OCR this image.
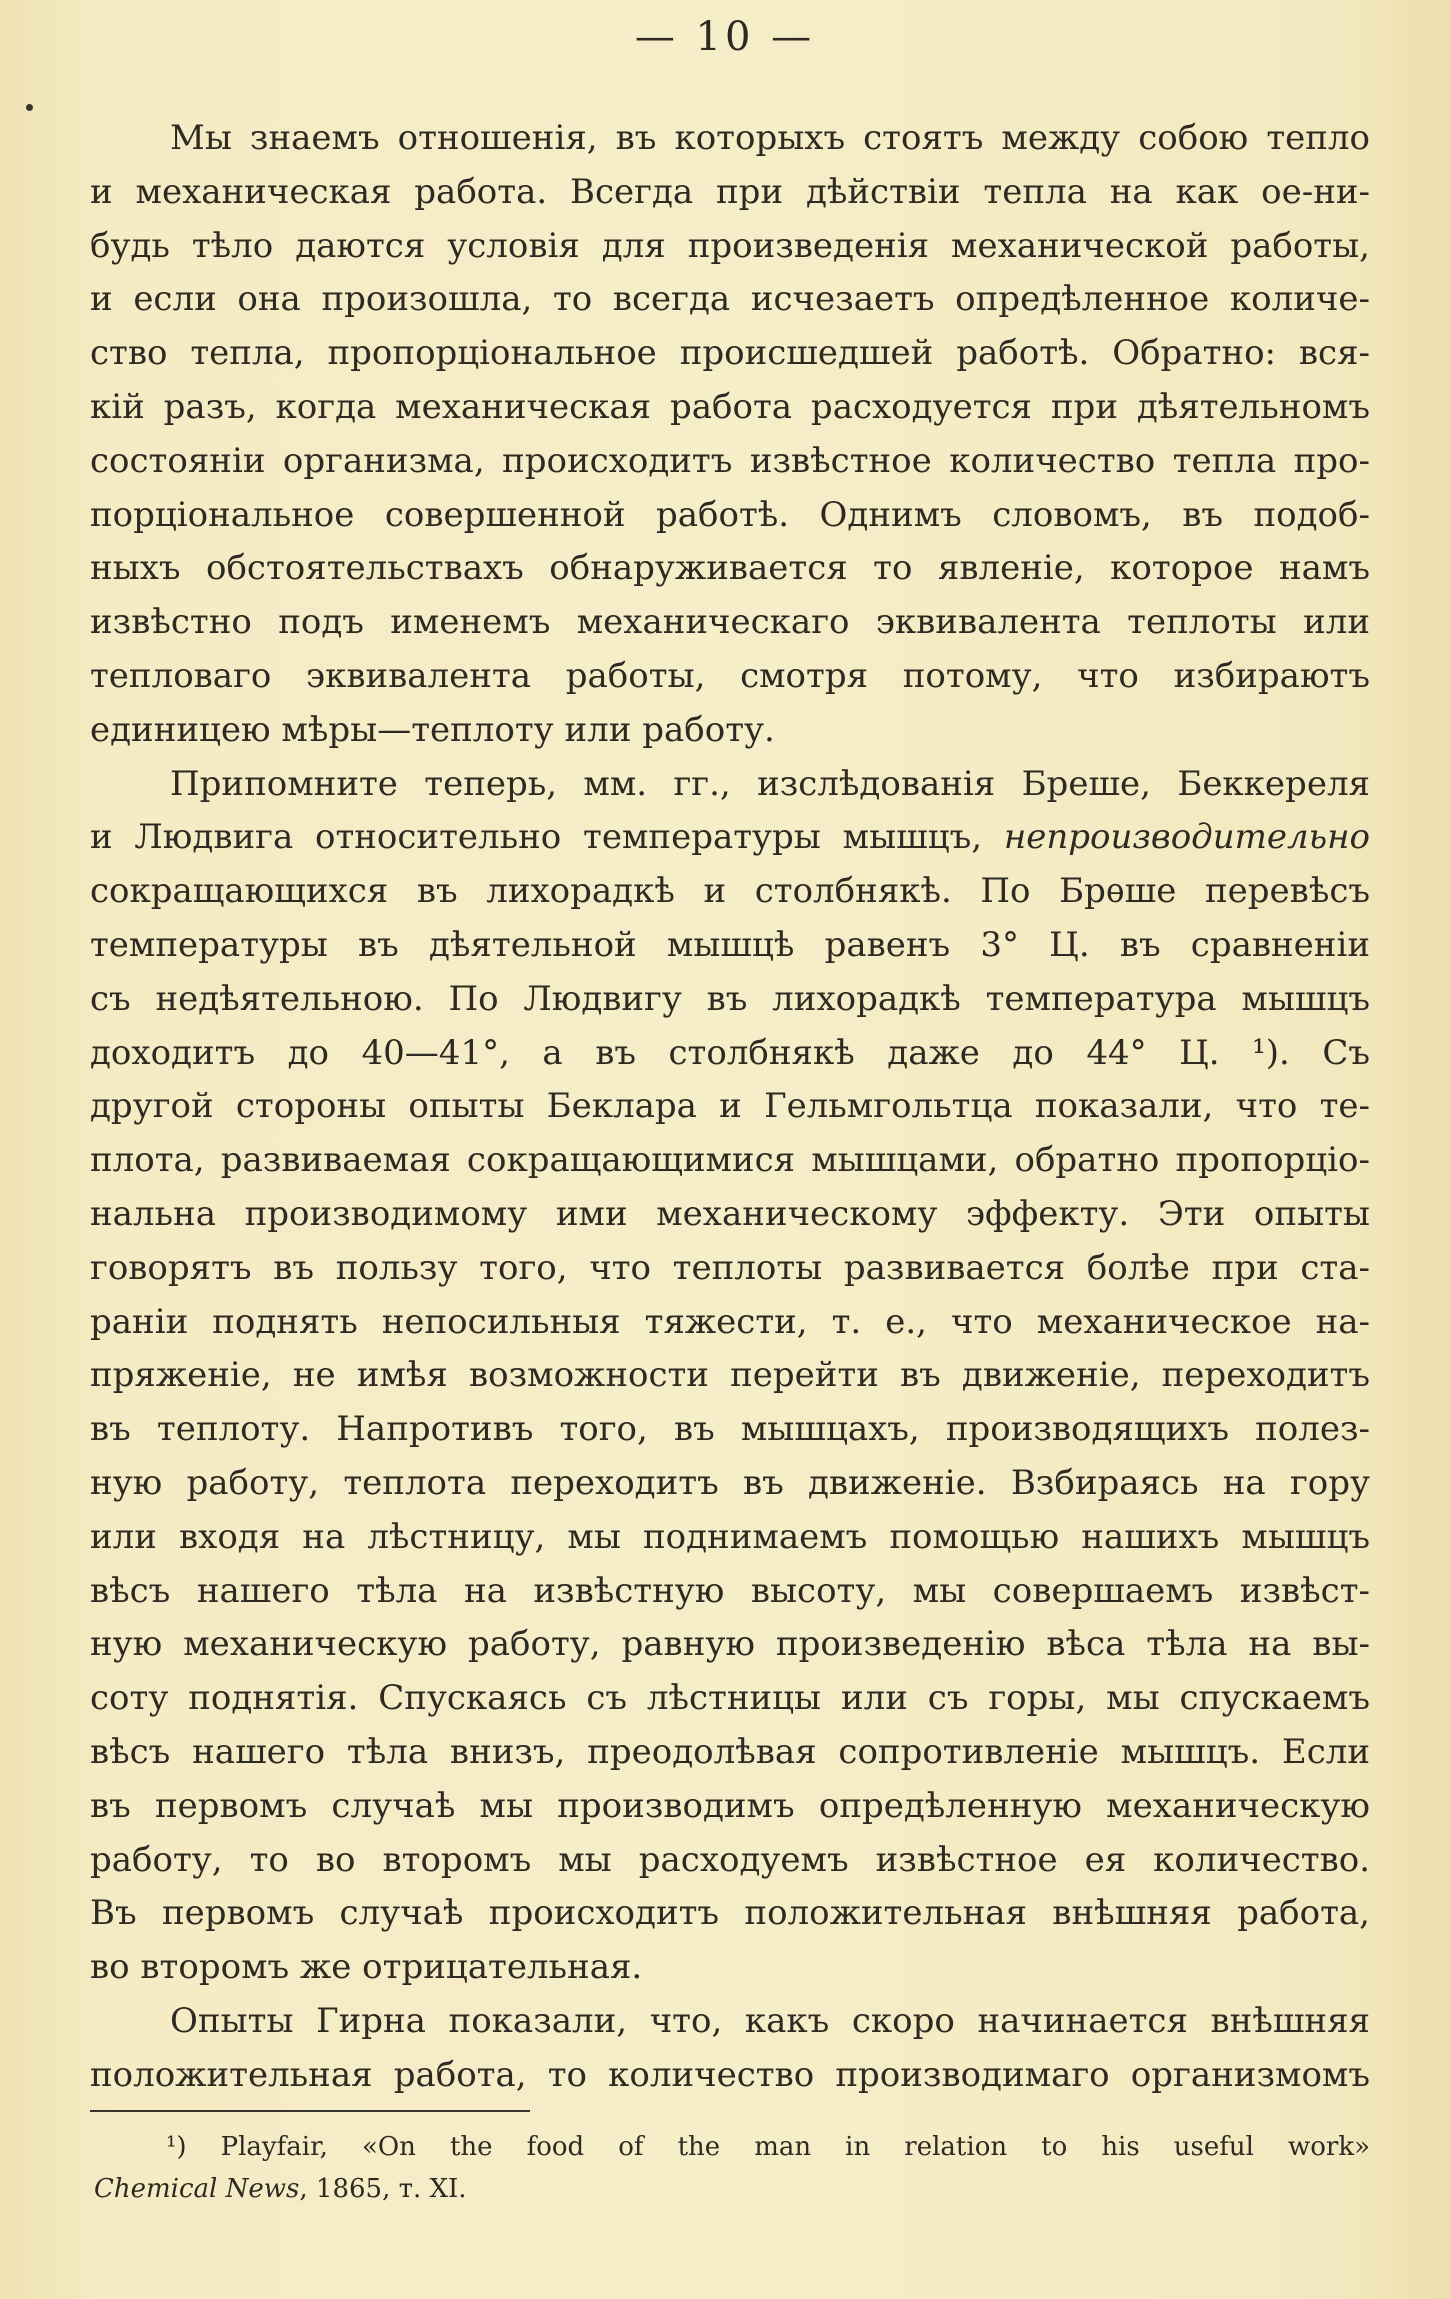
— 10 —
Мы знаемъ отношенія, въ которыхъ стоятъ между собою тепло
и механическая работа. Всегда при дѣйствіи тепла на как ое-ни-
будь тѣло даются условія для произведенія механической работы,
и если она произошла, то всегда исчезаетъ опредѣленное количе-
ство тепла, пропорціональное происшедшей работѣ. Обратно: вся-
кій разъ, когда механическая работа расходуется при дѣятельномъ
состояніи организма, происходитъ извѣстное количество тепла про-
порціональное совершенной работѣ. Однимъ словомъ, въ подоб-
ныхъ обстоятельствахъ обнаруживается то явленіе, которое намъ
извѣстно подъ именемъ механическаго эквивалента теплоты или
тепловаго эквивалента работы, смотря потому, что избираютъ
единицею мѣры—теплоту или работу.
Припомните теперь, мм. гг., изслѣдованія Бреше, Беккереля
и Людвига относительно температуры мышцъ, непроизводительно
сокращающихся въ лихорадкѣ и столбнякѣ. По Брѳше перевѣсъ
температуры въ дѣятельной мышцѣ равенъ 3° Ц. въ сравненіи
съ недѣятельною. По Людвигу въ лихорадкѣ температура мышцъ
доходитъ до 40—41°, а въ столбнякѣ даже до 44° Ц. ¹). Съ
другой стороны опыты Беклара и Гельмгольтца показали, что те-
плота, развиваемая сокращающимися мышцами, обратно пропорціо-
нальна производимому ими механическому эффекту. Эти опыты
говорятъ въ пользу того, что теплоты развивается болѣе при ста-
раніи поднять непосильныя тяжести, т. е., что механическое на-
пряженіе, не имѣя возможности перейти въ движеніе, переходитъ
въ теплоту. Напротивъ того, въ мышцахъ, производящихъ полез-
ную работу, теплота переходитъ въ движеніе. Взбираясь на гору
или входя на лѣстницу, мы поднимаемъ помощью нашихъ мышцъ
вѣсъ нашего тѣла на извѣстную высоту, мы совершаемъ извѣст-
ную механическую работу, равную произведенію вѣса тѣла на вы-
соту поднятія. Спускаясь съ лѣстницы или съ горы, мы спускаемъ
вѣсъ нашего тѣла внизъ, преодолѣвая сопротивленіе мышцъ. Если
въ первомъ случаѣ мы производимъ опредѣленную механическую
работу, то во второмъ мы расходуемъ извѣстное ея количество.
Въ первомъ случаѣ происходитъ положительная внѣшняя работа,
во второмъ же отрицательная.
Опыты Гирна показали, что, какъ скоро начинается внѣшняя
положительная работа, то количество производимаго организмомъ
¹) Playfair, «On the food of the man in relation to his useful work»
Chemical News, 1865, т. XI.
